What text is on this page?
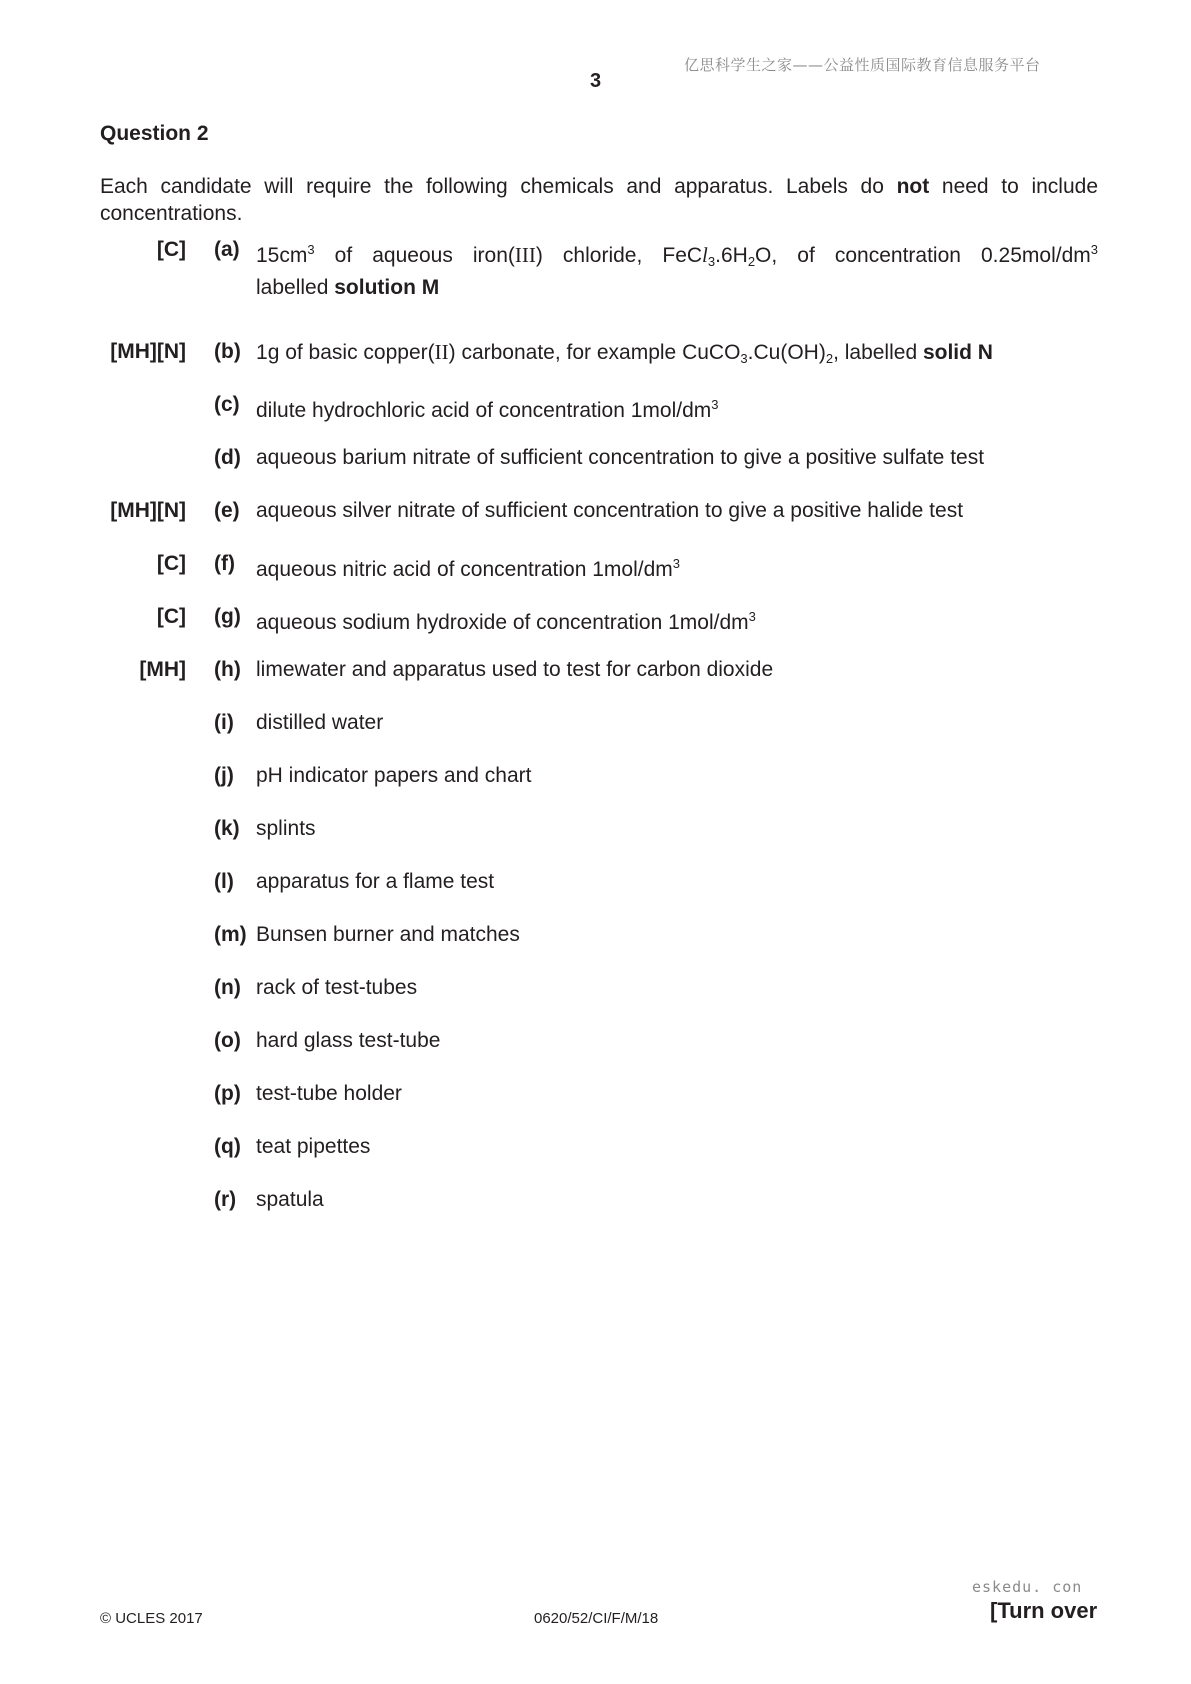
亿思科学生之家——公益性质国际教育信息服务平台
3
Question 2
Each candidate will require the following chemicals and apparatus. Labels do not need to include
concentrations.
[C] (a) $15cm^3$ of aqueous iron(III) chloride, $FeCl_3.6H_2O$, of concentration $0.25mol/dm^3$
labelled solution M
[MH][N] (b) 1g of basic copper(II) carbonate, for example $CuCO_3.Cu(OH)_2$, labelled solid N
(c) dilute hydrochloric acid of concentration $1mol/dm^3$
(d) aqueous barium nitrate of sufficient concentration to give a positive sulfate test
[MH][N] (e) aqueous silver nitrate of sufficient concentration to give a positive halide test
[C] (f) aqueous nitric acid of concentration $1mol/dm^3$
[C] (g) aqueous sodium hydroxide of concentration $1mol/dm^3$
[MH] (h) limewater and apparatus used to test for carbon dioxide
(i) distilled water
(j) pH indicator papers and chart
(k) splints
(l) apparatus for a flame test
(m) Bunsen burner and matches
(n) rack of test-tubes
(o) hard glass test-tube
(p) test-tube holder
(q) teat pipettes
(r) spatula
© UCLES 2017	0620/52/CI/F/M/18
eskedu. con
[Turn over
